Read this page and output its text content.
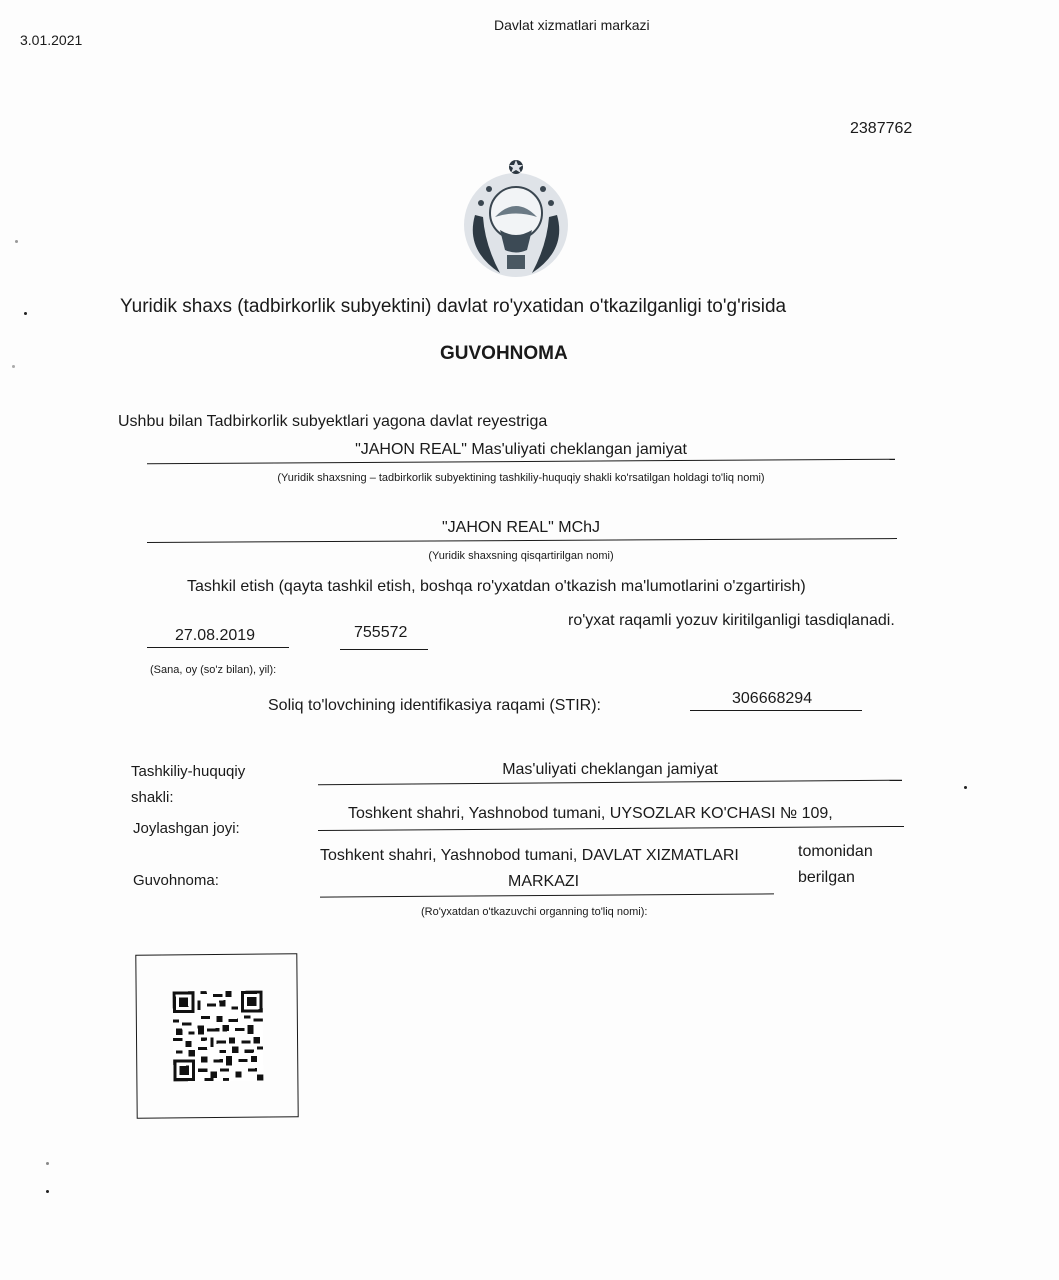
3.01.2021
Davlat xizmatlari markazi
2387762
Yuridik shaxs (tadbirkorlik subyektini) davlat ro'yxatidan o'tkazilganligi to'g'risida
GUVOHNOMA
Ushbu bilan Tadbirkorlik subyektlari yagona davlat reyestriga
"JAHON REAL" Mas'uliyati cheklangan jamiyat
(Yuridik shaxsning – tadbirkorlik subyektining tashkiliy-huquqiy shakli ko'rsatilgan holdagi to'liq nomi)
"JAHON REAL" MChJ
(Yuridik shaxsning qisqartirilgan nomi)
Tashkil etish (qayta tashkil etish, boshqa ro'yxatdan o'tkazish ma'lumotlarini o'zgartirish)
27.08.2019	755572
ro'yxat raqamli yozuv kiritilganligi tasdiqlanadi.
(Sana, oy (so'z bilan), yil):
Soliq to'lovchining identifikasiya raqami (STIR):	306668294
Tashkiliy-huquqiy
shakli:
Mas'uliyati cheklangan jamiyat
Joylashgan joyi:
Toshkent shahri, Yashnobod tumani, UYSOZLAR KO'CHASI № 109,
Guvohnoma:
Toshkent shahri, Yashnobod tumani, DAVLAT XIZMATLARI
MARKAZI
tomonidan
berilgan
(Ro'yxatdan o'tkazuvchi organning to'liq nomi):
